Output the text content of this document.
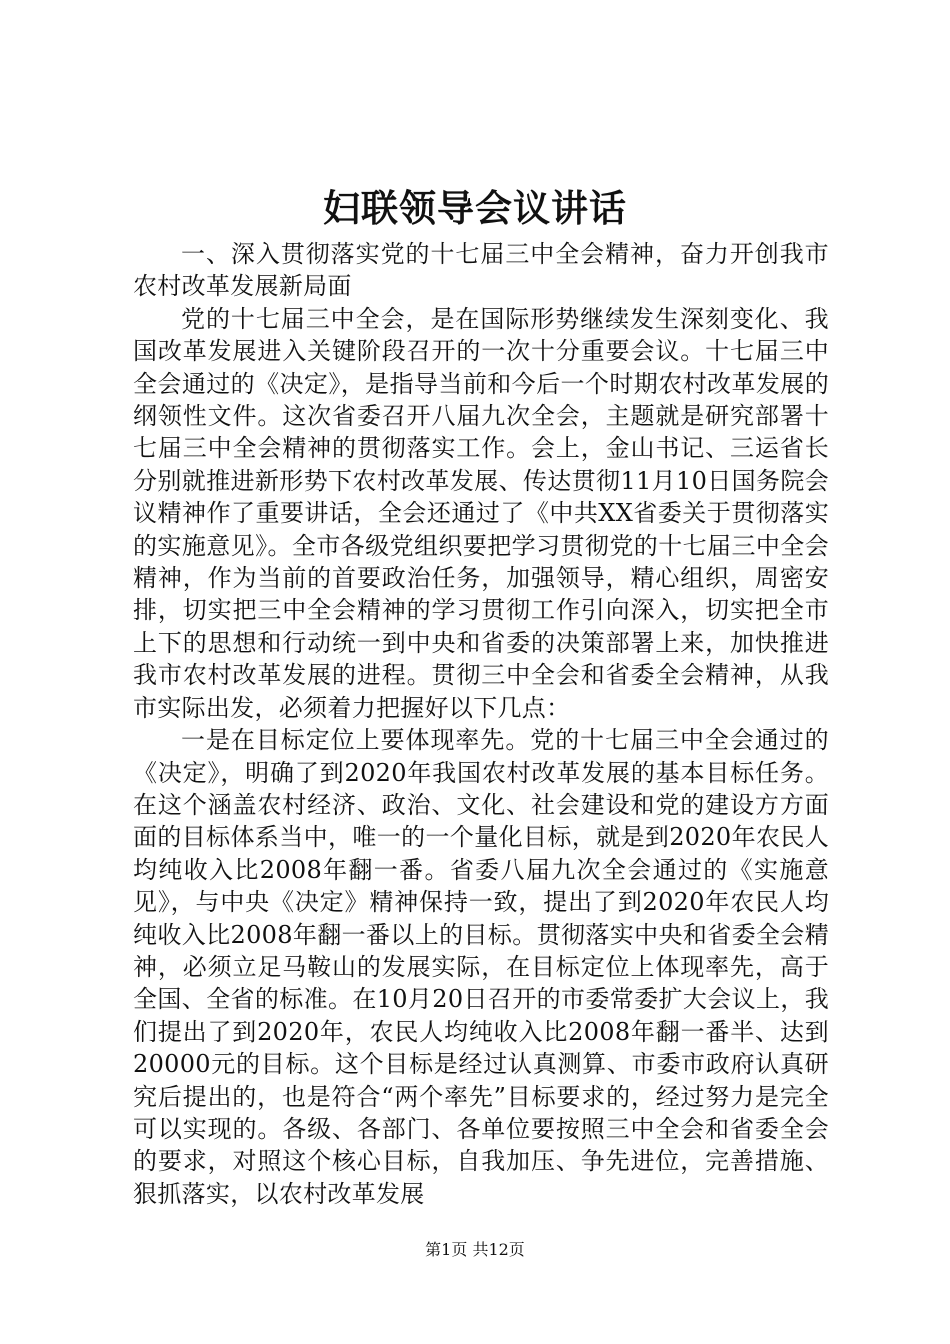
妇联领导会议讲话

一、深入贯彻落实党的十七届三中全会精神，奋力开创我市农村改革发展新局面

党的十七届三中全会，是在国际形势继续发生深刻变化、我国改革发展进入关键阶段召开的一次十分重要会议。十七届三中全会通过的《决定》，是指导当前和今后一个时期农村改革发展的纲领性文件。这次省委召开八届九次全会，主题就是研究部署十七届三中全会精神的贯彻落实工作。会上，金山书记、三运省长分别就推进新形势下农村改革发展、传达贯彻11月10日国务院会议精神作了重要讲话，全会还通过了《中共XX省委关于贯彻落实的实施意见》。全市各级党组织要把学习贯彻党的十七届三中全会精神，作为当前的首要政治任务，加强领导，精心组织，周密安排，切实把三中全会精神的学习贯彻工作引向深入，切实把全市上下的思想和行动统一到中央和省委的决策部署上来，加快推进我市农村改革发展的进程。贯彻三中全会和省委全会精神，从我市实际出发，必须着力把握好以下几点：

一是在目标定位上要体现率先。党的十七届三中全会通过的《决定》，明确了到2020年我国农村改革发展的基本目标任务。在这个涵盖农村经济、政治、文化、社会建设和党的建设方方面面的目标体系当中，唯一的一个量化目标，就是到2020年农民人均纯收入比2008年翻一番。省委八届九次全会通过的《实施意见》，与中央《决定》精神保持一致，提出了到2020年农民人均纯收入比2008年翻一番以上的目标。贯彻落实中央和省委全会精神，必须立足马鞍山的发展实际，在目标定位上体现率先，高于全国、全省的标准。在10月20日召开的市委常委扩大会议上，我们提出了到2020年，农民人均纯收入比2008年翻一番半、达到20000元的目标。这个目标是经过认真测算、市委市政府认真研究后提出的，也是符合“两个率先”目标要求的，经过努力是完全可以实现的。各级、各部门、各单位要按照三中全会和省委全会的要求，对照这个核心目标，自我加压、争先进位，完善措施、狠抓落实，以农村改革发展

第1页 共12页
